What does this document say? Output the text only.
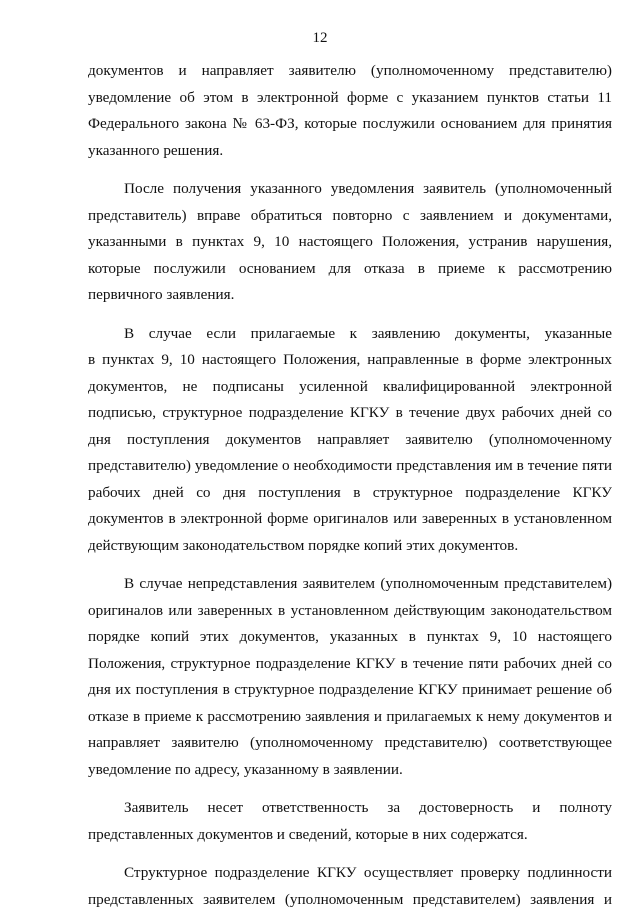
12
документов и направляет заявителю (уполномоченному представителю)
уведомление об этом в электронной форме с указанием пунктов статьи 11
Федерального закона № 63-ФЗ, которые послужили основанием для принятия
указанного решения.
После получения указанного уведомления заявитель (уполномоченный
представитель) вправе обратиться повторно с заявлением и документами,
указанными в пунктах 9, 10 настоящего Положения, устранив нарушения,
которые послужили основанием для отказа в приеме к рассмотрению
первичного заявления.
В случае если прилагаемые к заявлению документы, указанные
в пунктах 9, 10 настоящего Положения, направленные в форме электронных
документов, не подписаны усиленной квалифицированной электронной
подписью, структурное подразделение КГКУ в течение двух рабочих дней со
дня поступления документов направляет заявителю (уполномоченному
представителю) уведомление о необходимости представления им в течение пяти
рабочих дней со дня поступления в структурное подразделение КГКУ
документов в электронной форме оригиналов или заверенных в установленном
действующим законодательством порядке копий этих документов.
В случае непредставления заявителем (уполномоченным представителем)
оригиналов или заверенных в установленном действующим законодательством
порядке копий этих документов, указанных в пунктах 9, 10 настоящего
Положения, структурное подразделение КГКУ в течение пяти рабочих дней со
дня их поступления в структурное подразделение КГКУ принимает решение об
отказе в приеме к рассмотрению заявления и прилагаемых к нему документов и
направляет заявителю (уполномоченному представителю) соответствующее
уведомление по адресу, указанному в заявлении.
Заявитель несет ответственность за достоверность и полноту
представленных документов и сведений, которые в них содержатся.
Структурное подразделение КГКУ осуществляет проверку подлинности
представленных заявителем (уполномоченным представителем) заявления и
